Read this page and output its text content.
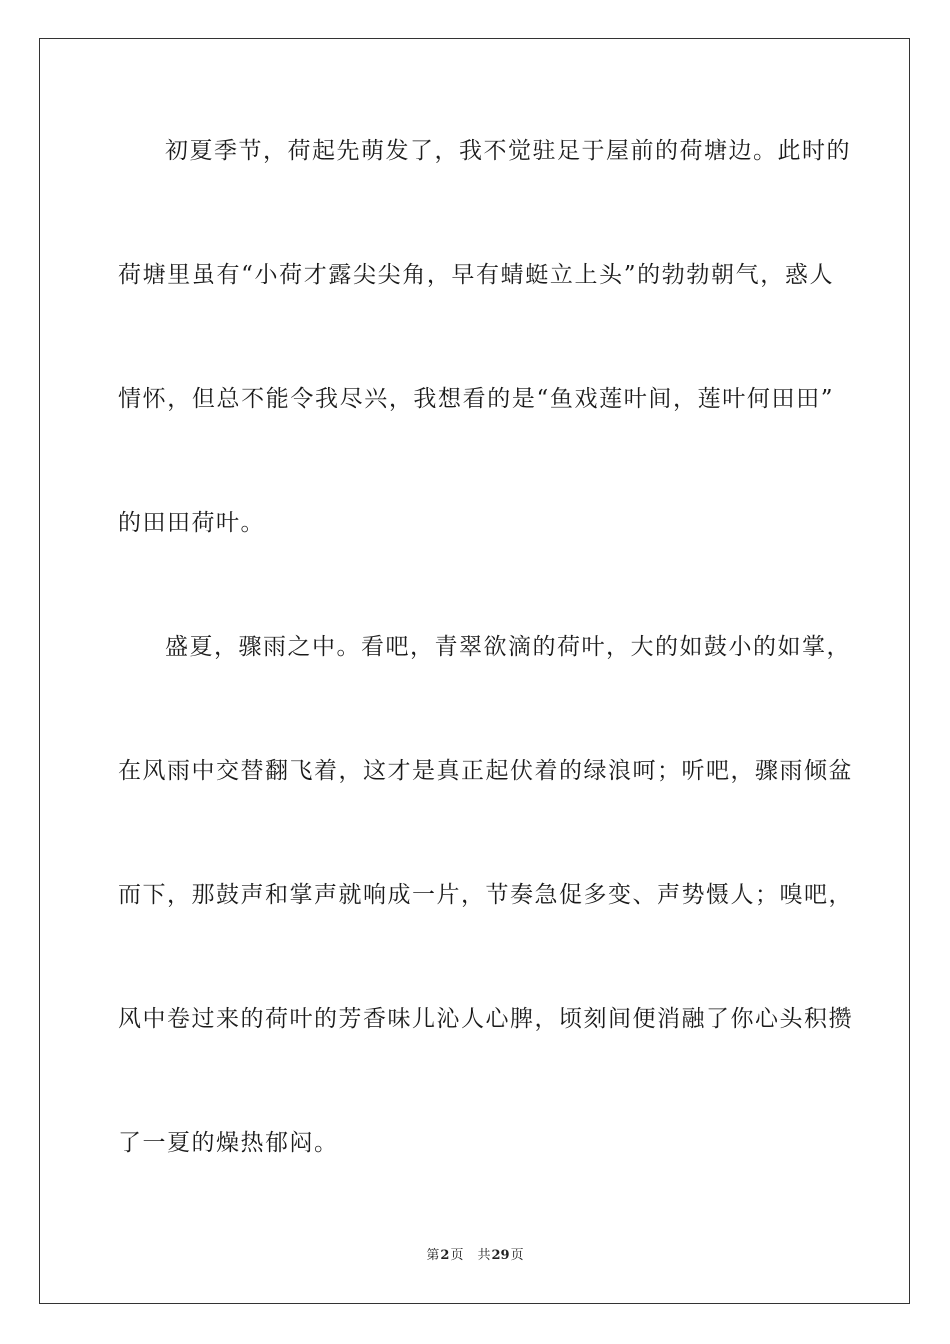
初夏季节，荷起先萌发了，我不觉驻足于屋前的荷塘边。此时的
荷塘里虽有“小荷才露尖尖角，早有蜻蜓立上头”的勃勃朝气，惑人
情怀，但总不能令我尽兴，我想看的是“鱼戏莲叶间，莲叶何田田”
的田田荷叶。
盛夏，骤雨之中。看吧，青翠欲滴的荷叶，大的如鼓小的如掌，
在风雨中交替翻飞着，这才是真正起伏着的绿浪呵；听吧，骤雨倾盆
而下，那鼓声和掌声就响成一片，节奏急促多变、声势慑人；嗅吧，
风中卷过来的荷叶的芳香味儿沁人心脾，顷刻间便消融了你心头积攒
了一夏的燥热郁闷。
第2页 共29页
